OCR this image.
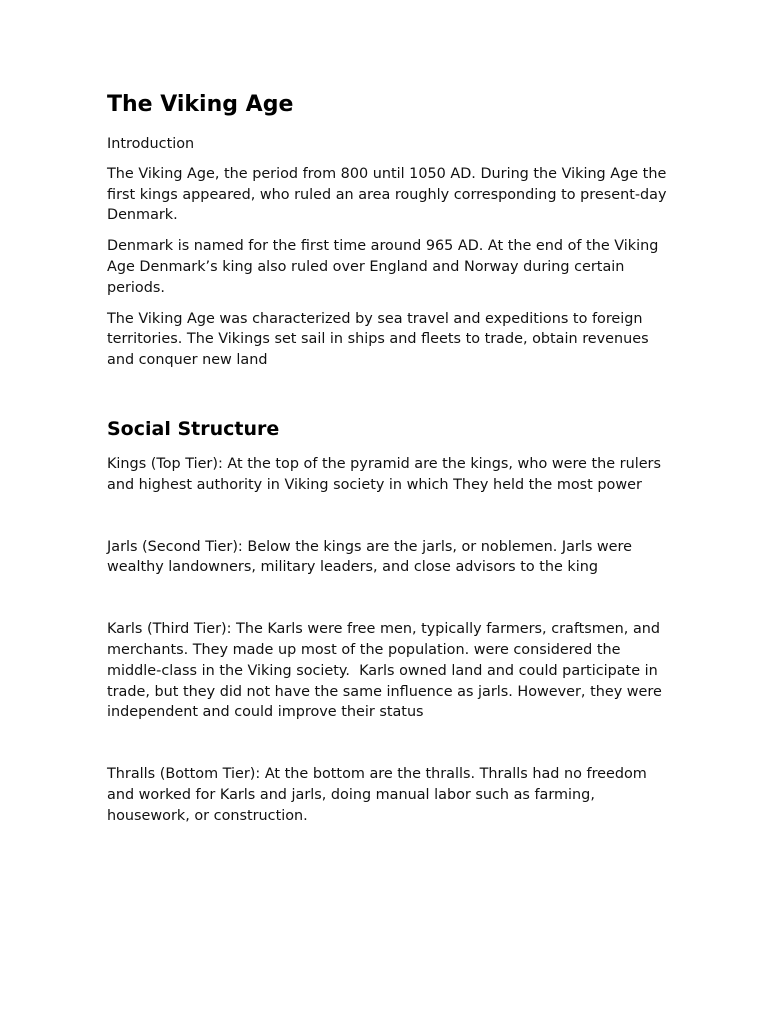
The Viking Age

Introduction

The Viking Age, the period from 800 until 1050 AD. During the Viking Age the first kings appeared, who ruled an area roughly corresponding to present-day Denmark.

Denmark is named for the first time around 965 AD. At the end of the Viking Age Denmark’s king also ruled over England and Norway during certain periods.

The Viking Age was characterized by sea travel and expeditions to foreign territories. The Vikings set sail in ships and fleets to trade, obtain revenues and conquer new land

Social Structure

Kings (Top Tier): At the top of the pyramid are the kings, who were the rulers and highest authority in Viking society in which They held the most power

Jarls (Second Tier): Below the kings are the jarls, or noblemen. Jarls were wealthy landowners, military leaders, and close advisors to the king

Karls (Third Tier): The Karls were free men, typically farmers, craftsmen, and merchants. They made up most of the population. were considered the middle-class in the Viking society.  Karls owned land and could participate in trade, but they did not have the same influence as jarls. However, they were independent and could improve their status

Thralls (Bottom Tier): At the bottom are the thralls. Thralls had no freedom and worked for Karls and jarls, doing manual labor such as farming, housework, or construction.
